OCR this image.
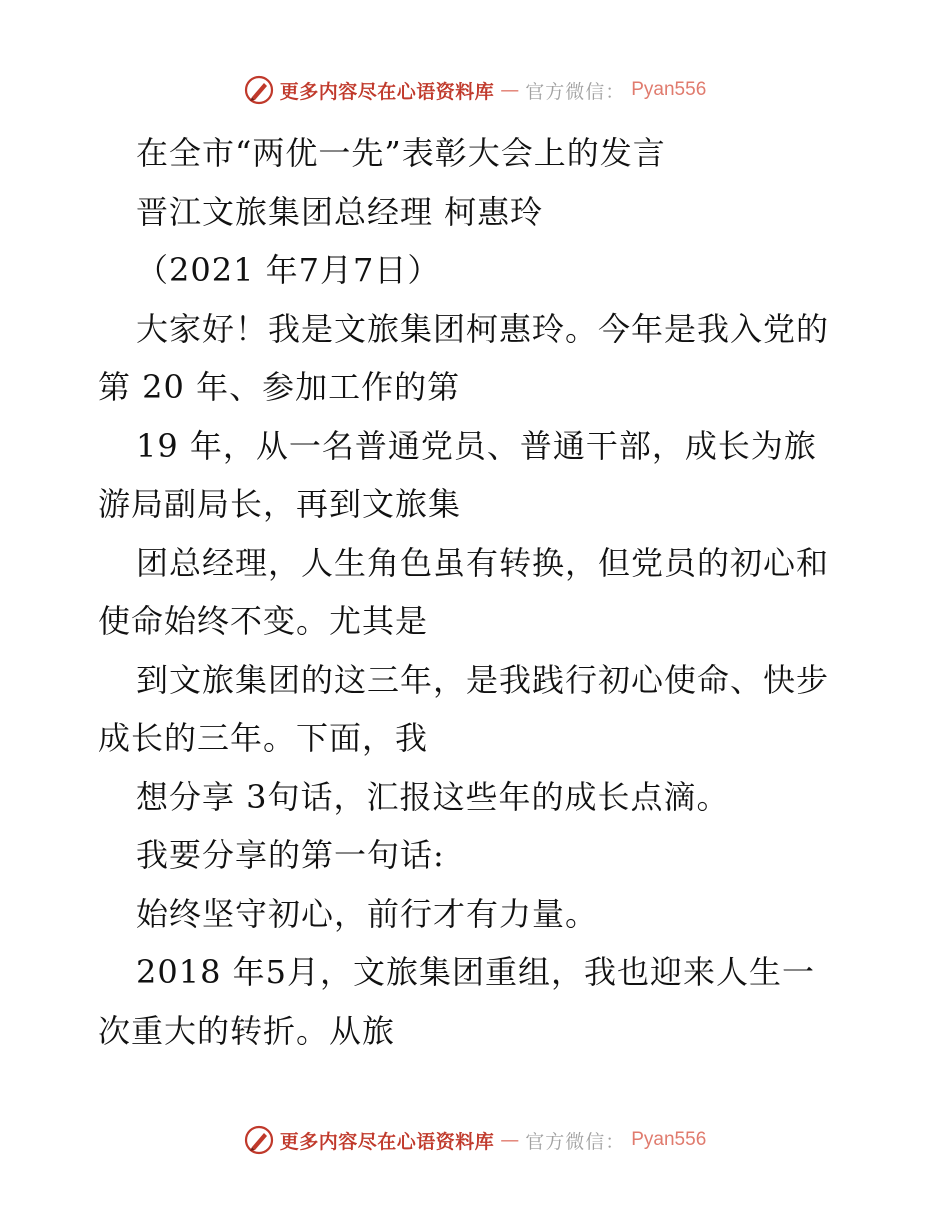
更多内容尽在心语资料库 — 官方微信： Pyan556
在全市“两优一先”表彰大会上的发言
晋江文旅集团总经理 柯惠玲
（2021 年7月7日）
大家好！我是文旅集团柯惠玲。今年是我入党的
第 20 年、参加工作的第
19 年，从一名普通党员、普通干部，成长为旅
游局副局长，再到文旅集
团总经理，人生角色虽有转换，但党员的初心和
使命始终不变。尤其是
到文旅集团的这三年，是我践行初心使命、快步
成长的三年。下面，我
想分享 3句话，汇报这些年的成长点滴。
我要分享的第一句话:
始终坚守初心，前行才有力量。
2018 年5月，文旅集团重组，我也迎来人生一
次重大的转折。从旅
更多内容尽在心语资料库 — 官方微信： Pyan556
